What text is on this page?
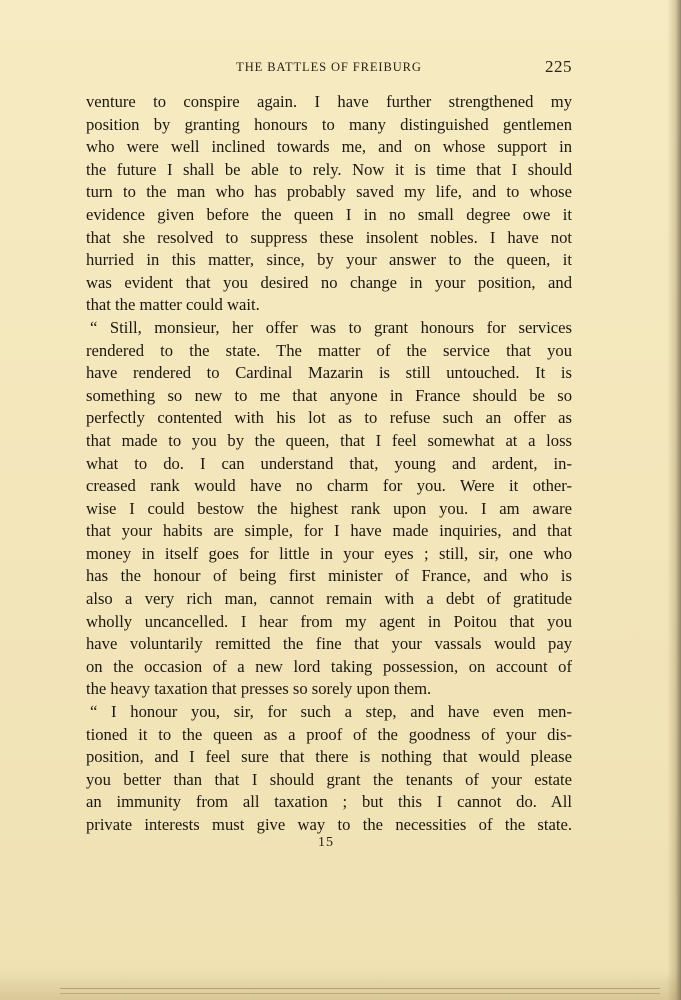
THE BATTLES OF FREIBURG	225
venture to conspire again. I have further strengthened my
position by granting honours to many distinguished gentlemen
who were well inclined towards me, and on whose support in
the future I shall be able to rely. Now it is time that I should
turn to the man who has probably saved my life, and to whose
evidence given before the queen I in no small degree owe it
that she resolved to suppress these insolent nobles. I have not
hurried in this matter, since, by your answer to the queen, it
was evident that you desired no change in your position, and
that the matter could wait.
“ Still, monsieur, her offer was to grant honours for services
rendered to the state. The matter of the service that you
have rendered to Cardinal Mazarin is still untouched. It is
something so new to me that anyone in France should be so
perfectly contented with his lot as to refuse such an offer as
that made to you by the queen, that I feel somewhat at a loss
what to do. I can understand that, young and ardent, in-
creased rank would have no charm for you. Were it other-
wise I could bestow the highest rank upon you. I am aware
that your habits are simple, for I have made inquiries, and that
money in itself goes for little in your eyes ; still, sir, one who
has the honour of being first minister of France, and who is
also a very rich man, cannot remain with a debt of gratitude
wholly uncancelled. I hear from my agent in Poitou that you
have voluntarily remitted the fine that your vassals would pay
on the occasion of a new lord taking possession, on account of
the heavy taxation that presses so sorely upon them.
“ I honour you, sir, for such a step, and have even men-
tioned it to the queen as a proof of the goodness of your dis-
position, and I feel sure that there is nothing that would please
you better than that I should grant the tenants of your estate
an immunity from all taxation ; but this I cannot do. All
private interests must give way to the necessities of the state.
15
